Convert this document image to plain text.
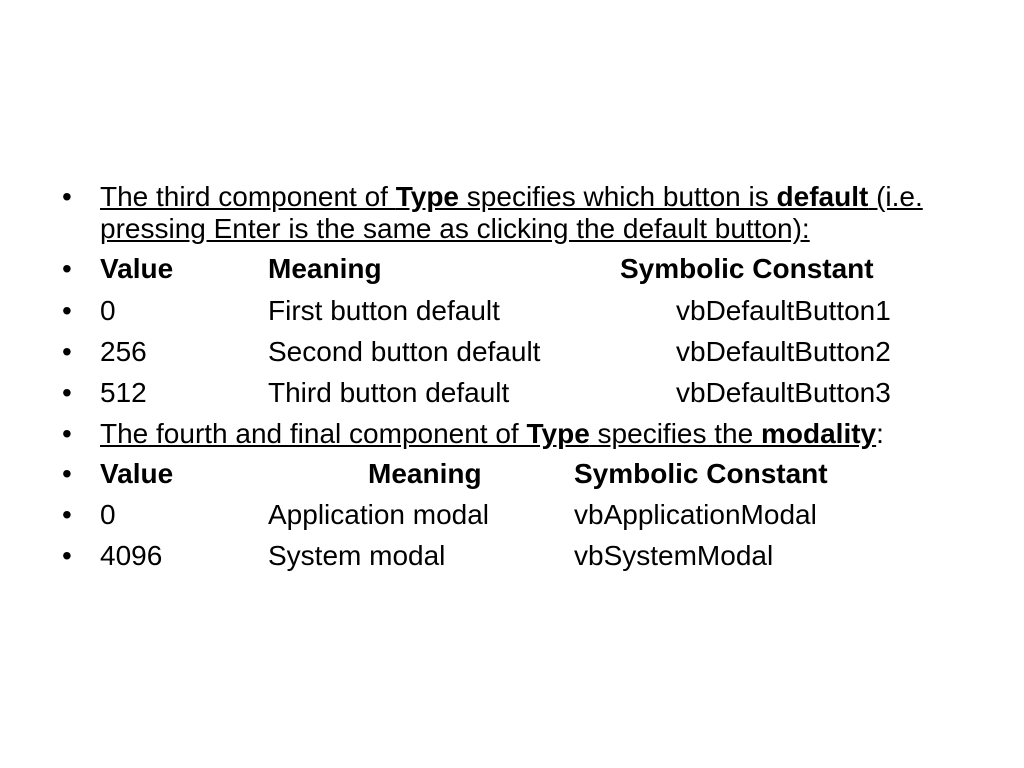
• The third component of Type specifies which button is default (i.e. pressing Enter is the same as clicking the default button):
• Value	Meaning	Symbolic Constant
• 0	First button default	vbDefaultButton1
• 256	Second button default	vbDefaultButton2
• 512	Third button default	vbDefaultButton3
• The fourth and final component of Type specifies the modality:
• Value	Meaning	Symbolic Constant
• 0	Application modal	vbApplicationModal
• 4096	System modal	vbSystemModal
